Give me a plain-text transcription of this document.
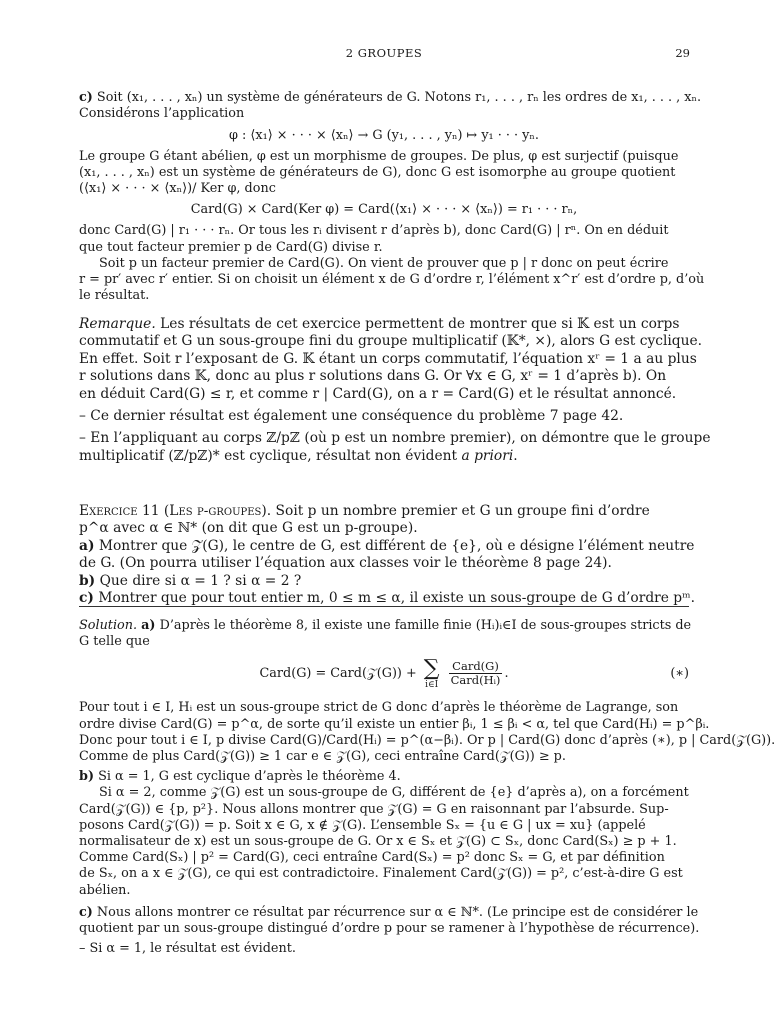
2 GROUPES	29
c) Soit (x₁, . . . , xₙ) un système de générateurs de G. Notons r₁, . . . , rₙ les ordres de x₁, . . . , xₙ.
Considérons l’application
φ : ⟨x₁⟩ × · · · × ⟨xₙ⟩ → G (y₁, . . . , yₙ) ↦ y₁ · · · yₙ.
Le groupe G étant abélien, φ est un morphisme de groupes. De plus, φ est surjectif (puisque
(x₁, . . . , xₙ) est un système de générateurs de G), donc G est isomorphe au groupe quotient
(⟨x₁⟩ × · · · × ⟨xₙ⟩)/ Ker φ, donc
Card(G) × Card(Ker φ) = Card(⟨x₁⟩ × · · · × ⟨xₙ⟩) = r₁ · · · rₙ,
donc Card(G) | r₁ · · · rₙ. Or tous les rᵢ divisent r d’après b), donc Card(G) | rⁿ. On en déduit
que tout facteur premier p de Card(G) divise r.
Soit p un facteur premier de Card(G). On vient de prouver que p | r donc on peut écrire
r = pr′ avec r′ entier. Si on choisit un élément x de G d’ordre r, l’élément x^r′ est d’ordre p, d’où
le résultat.
Remarque. Les résultats de cet exercice permettent de montrer que si 𝕂 est un corps
commutatif et G un sous-groupe fini du groupe multiplicatif (𝕂*, ×), alors G est cyclique.
En effet. Soit r l’exposant de G. 𝕂 étant un corps commutatif, l’équation xʳ = 1 a au plus
r solutions dans 𝕂, donc au plus r solutions dans G. Or ∀x ∈ G, xʳ = 1 d’après b). On
en déduit Card(G) ≤ r, et comme r | Card(G), on a r = Card(G) et le résultat annoncé.
– Ce dernier résultat est également une conséquence du problème 7 page 42.
– En l’appliquant au corps ℤ/pℤ (où p est un nombre premier), on démontre que le groupe
multiplicatif (ℤ/pℤ)* est cyclique, résultat non évident a priori.
Exercice 11 (Les p-groupes). Soit p un nombre premier et G un groupe fini d’ordre
p^α avec α ∈ ℕ* (on dit que G est un p-groupe).
a) Montrer que 𝒵(G), le centre de G, est différent de {e}, où e désigne l’élément neutre
de G. (On pourra utiliser l’équation aux classes voir le théorème 8 page 24).
b) Que dire si α = 1 ? si α = 2 ?
c) Montrer que pour tout entier m, 0 ≤ m ≤ α, il existe un sous-groupe de G d’ordre pᵐ.
Solution. a) D’après le théorème 8, il existe une famille finie (Hᵢ)ᵢ∈I de sous-groupes stricts de
G telle que
Card(G) = Card(𝒵(G)) + ∑
i∈I
$\frac{\text{Card(G)}}{\text{Card(Hᵢ)}}$ .	(∗)
Pour tout i ∈ I, Hᵢ est un sous-groupe strict de G donc d’après le théorème de Lagrange, son
ordre divise Card(G) = p^α, de sorte qu’il existe un entier βᵢ, 1 ≤ βᵢ < α, tel que Card(Hᵢ) = p^βᵢ.
Donc pour tout i ∈ I, p divise Card(G)/Card(Hᵢ) = p^(α−βᵢ). Or p | Card(G) donc d’après (∗), p | Card(𝒵(G)).
Comme de plus Card(𝒵(G)) ≥ 1 car e ∈ 𝒵(G), ceci entraîne Card(𝒵(G)) ≥ p.
b) Si α = 1, G est cyclique d’après le théorème 4.
Si α = 2, comme 𝒵(G) est un sous-groupe de G, différent de {e} d’après a), on a forcément
Card(𝒵(G)) ∈ {p, p²}. Nous allons montrer que 𝒵(G) = G en raisonnant par l’absurde. Sup-
posons Card(𝒵(G)) = p. Soit x ∈ G, x ∉ 𝒵(G). L’ensemble Sₓ = {u ∈ G | ux = xu} (appelé
normalisateur de x) est un sous-groupe de G. Or x ∈ Sₓ et 𝒵(G) ⊂ Sₓ, donc Card(Sₓ) ≥ p + 1.
Comme Card(Sₓ) | p² = Card(G), ceci entraîne Card(Sₓ) = p² donc Sₓ = G, et par définition
de Sₓ, on a x ∈ 𝒵(G), ce qui est contradictoire. Finalement Card(𝒵(G)) = p², c’est-à-dire G est
abélien.
c) Nous allons montrer ce résultat par récurrence sur α ∈ ℕ*. (Le principe est de considérer le
quotient par un sous-groupe distingué d’ordre p pour se ramener à l’hypothèse de récurrence).
– Si α = 1, le résultat est évident.
